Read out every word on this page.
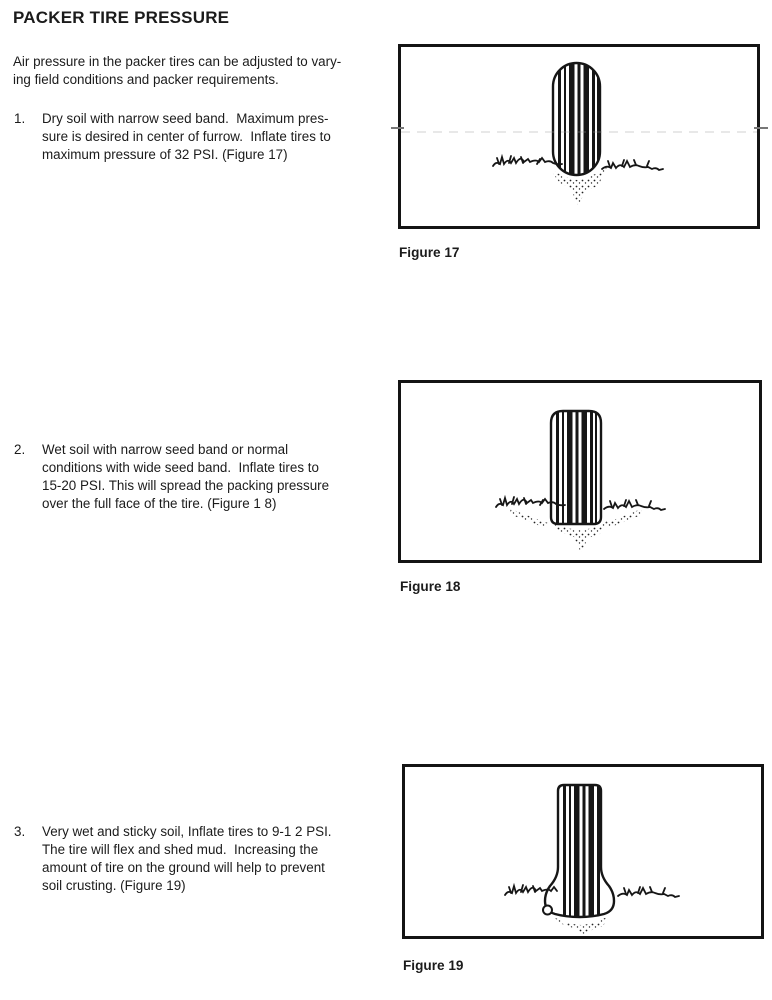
PACKER TIRE PRESSURE
Air pressure in the packer tires can be adjusted to vary-
ing field conditions and packer requirements.
1.	Dry soil with narrow seed band.  Maximum pres-
sure is desired in center of furrow.  Inflate tires to
maximum pressure of 32 PSI. (Figure 17)
2.	Wet soil with narrow seed band or normal
conditions with wide seed band.  Inflate tires to
15-20 PSI. This will spread the packing pressure
over the full face of the tire. (Figure 1 8)
3.	Very wet and sticky soil, Inflate tires to 9-1 2 PSI.
The tire will flex and shed mud.  Increasing the
amount of tire on the ground will help to prevent
soil crusting. (Figure 19)
Figure 17
Figure 18
Figure 19
